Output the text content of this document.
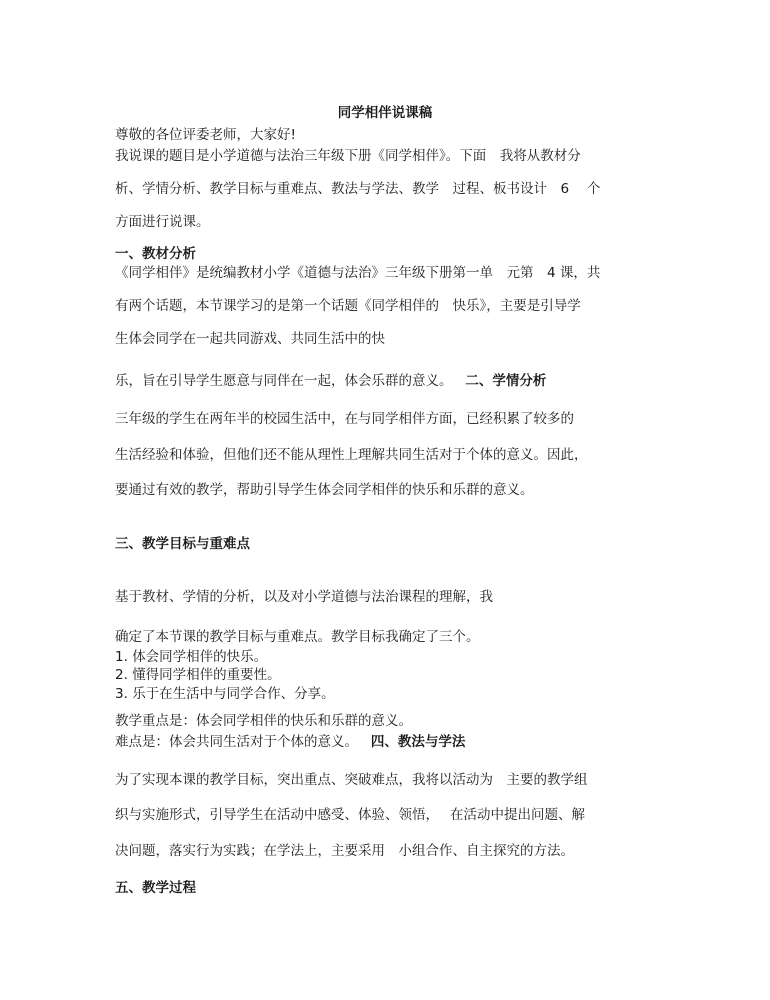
同学相伴说课稿

尊敬的各位评委老师，大家好!

我说课的题目是小学道德与法治三年级下册《同学相伴》。下面　我将从教材分

析、学情分析、教学目标与重难点、教法与学法、教学　过程、板书设计　6　 个

方面进行说课。

一、教材分析

《同学相伴》是统编教材小学《道德与法治》三年级下册第一单　元第　4 课，共

有两个话题，本节课学习的是第一个话题《同学相伴的　快乐》，主要是引导学

生体会同学在一起共同游戏、共同生活中的快

乐，旨在引导学生愿意与同伴在一起，体会乐群的意义。 二、学情分析

三年级的学生在两年半的校园生活中，在与同学相伴方面，已经积累了较多的

生活经验和体验，但他们还不能从理性上理解共同生活对于个体的意义。因此，

要通过有效的教学，帮助引导学生体会同学相伴的快乐和乐群的意义。

三、教学目标与重难点

基于教材、学情的分析，以及对小学道德与法治课程的理解，我

确定了本节课的教学目标与重难点。教学目标我确定了三个。

1. 体会同学相伴的快乐。

2. 懂得同学相伴的重要性。

3. 乐于在生活中与同学合作、分享。

教学重点是：体会同学相伴的快乐和乐群的意义。

难点是：体会共同生活对于个体的意义。 四、教法与学法

为了实现本课的教学目标，突出重点、突破难点，我将以活动为　主要的教学组

织与实施形式，引导学生在活动中感受、体验、领悟，　 在活动中提出问题、解

决问题，落实行为实践；在学法上，主要采用　小组合作、自主探究的方法。

五、教学过程
